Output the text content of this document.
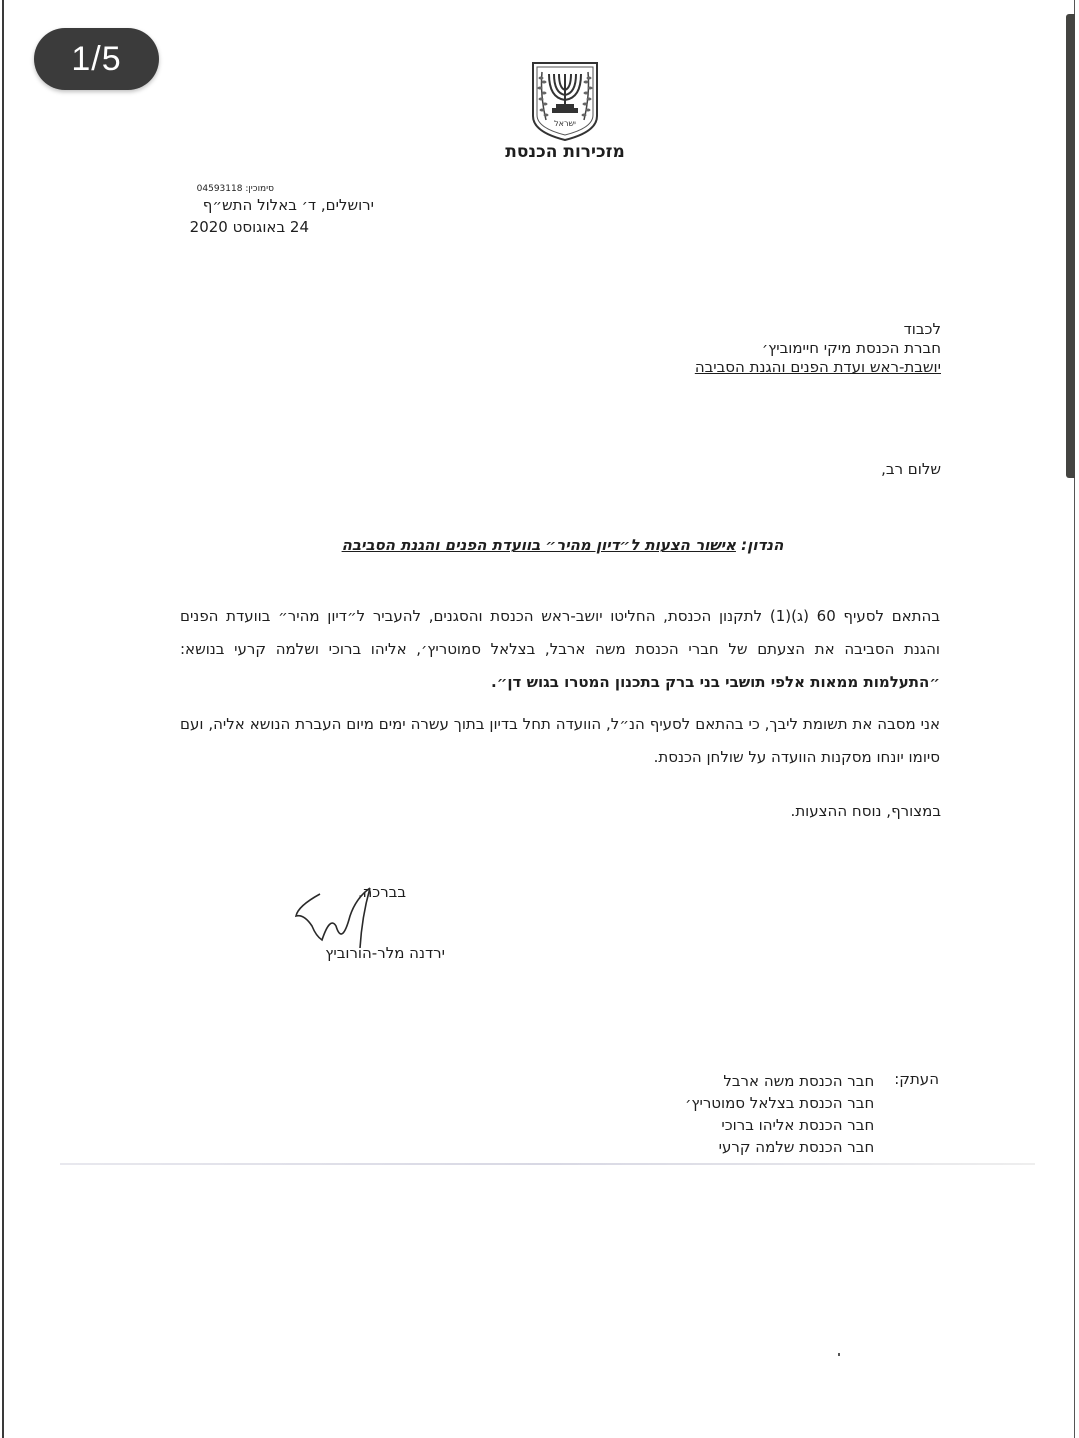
1/5
ישראל
מזכירות הכנסת
סימוכין: 04593118
ירושלים, ד׳ באלול התש״ף
24 באוגוסט 2020
לכבוד
חברת הכנסת מיקי חיימוביץ׳
יושבת-ראש ועדת הפנים והגנת הסביבה
שלום רב,
הנדון: אישור הצעות ל״דיון מהיר״ בוועדת הפנים והגנת הסביבה
בהתאם לסעיף 60 (ג)(1) לתקנון הכנסת, החליטו יושב-ראש הכנסת והסגנים, להעביר ל״דיון מהיר״ בוועדת הפנים והגנת הסביבה את הצעתם של חברי הכנסת משה ארבל, בצלאל סמוטריץ׳, אליהו ברוכי ושלמה קרעי בנושא: ״התעלמות ממאות אלפי תושבי בני ברק בתכנון המטרו בגוש דן״.
אני מסבה את תשומת ליבך, כי בהתאם לסעיף הנ״ל, הוועדה תחל בדיון בתוך עשרה ימים מיום העברת הנושא אליה, ועם סיומו יונחו מסקנות הוועדה על שולחן הכנסת.
במצורף, נוסח ההצעות.
בברכה,
ירדנה מלר-הורוביץ
העתק:
חבר הכנסת משה ארבל
חבר הכנסת בצלאל סמוטריץ׳
חבר הכנסת אליהו ברוכי
חבר הכנסת שלמה קרעי
